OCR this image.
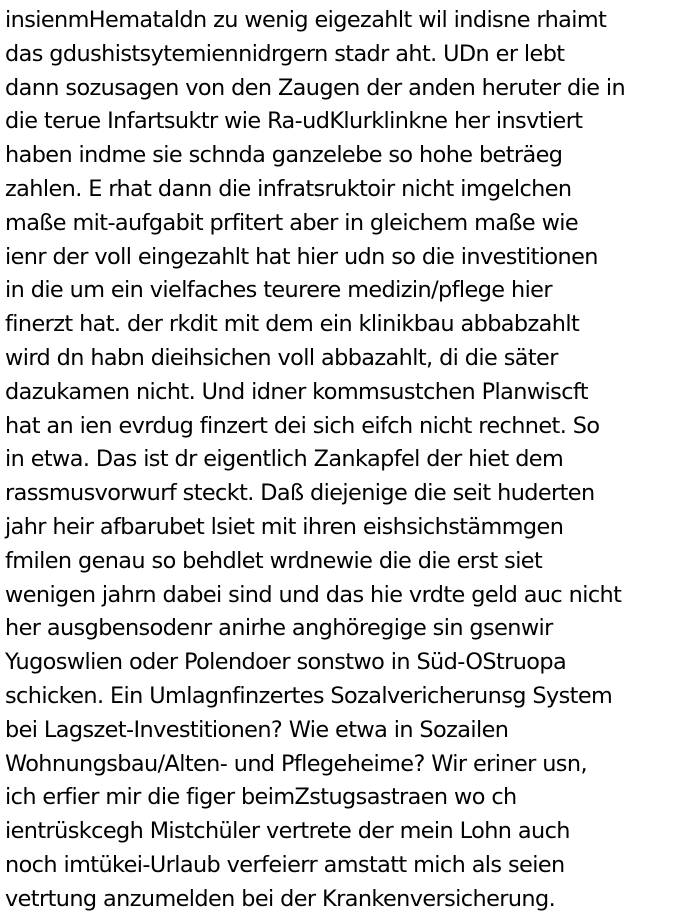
insienmHemataldn zu wenig eigezahlt wil indisne rhaimt
das gdushistsytemiennidrgern stadr aht. UDn er lebt
dann sozusagen von den Zaugen der anden heruter die in
die terue Infartsuktr wie Ra-udKlurklinkne her insvtiert
haben indme sie schnda ganzelebe so hohe beträeg
zahlen. E rhat dann die infratsruktoir nicht imgelchen
maße mit-aufgabit prfitert aber in gleichem maße wie
ienr der voll eingezahlt hat hier udn so die investitionen
in die um ein vielfaches teurere medizin/pflege hier
finerzt hat. der rkdit mit dem ein klinikbau abbabzahlt
wird dn habn dieihsichen voll abbazahlt, di die säter
dazukamen nicht. Und idner kommsustchen Planwiscft
hat an ien evrdug finzert dei sich eifch nicht rechnet. So
in etwa. Das ist dr eigentlich Zankapfel der hiet dem
rassmusvorwurf steckt. Daß diejenige die seit huderten
jahr heir afbarubet lsiet mit ihren eishsichstämmgen
fmilen genau so behdlet wrdnewie die die erst siet
wenigen jahrn dabei sind und das hie vrdte geld auc nicht
her ausgbensodenr anirhe anghöregige sin gsenwir
Yugoswlien oder Polendoer sonstwo in Süd-OStruopa
schicken. Ein Umlagnfinzertes Sozalvericherunsg System
bei Lagszet-Investitionen? Wie etwa in Sozailen
Wohnungsbau/Alten- und Pflegeheime? Wir eriner usn,
ich erfier mir die figer beimZstugsastraen wo ch
ientrüskcegh Mistchüler vertrete der mein Lohn auch
noch imtükei-Urlaub verfeierr amstatt mich als seien
vetrtung anzumelden bei der Krankenversicherung.
